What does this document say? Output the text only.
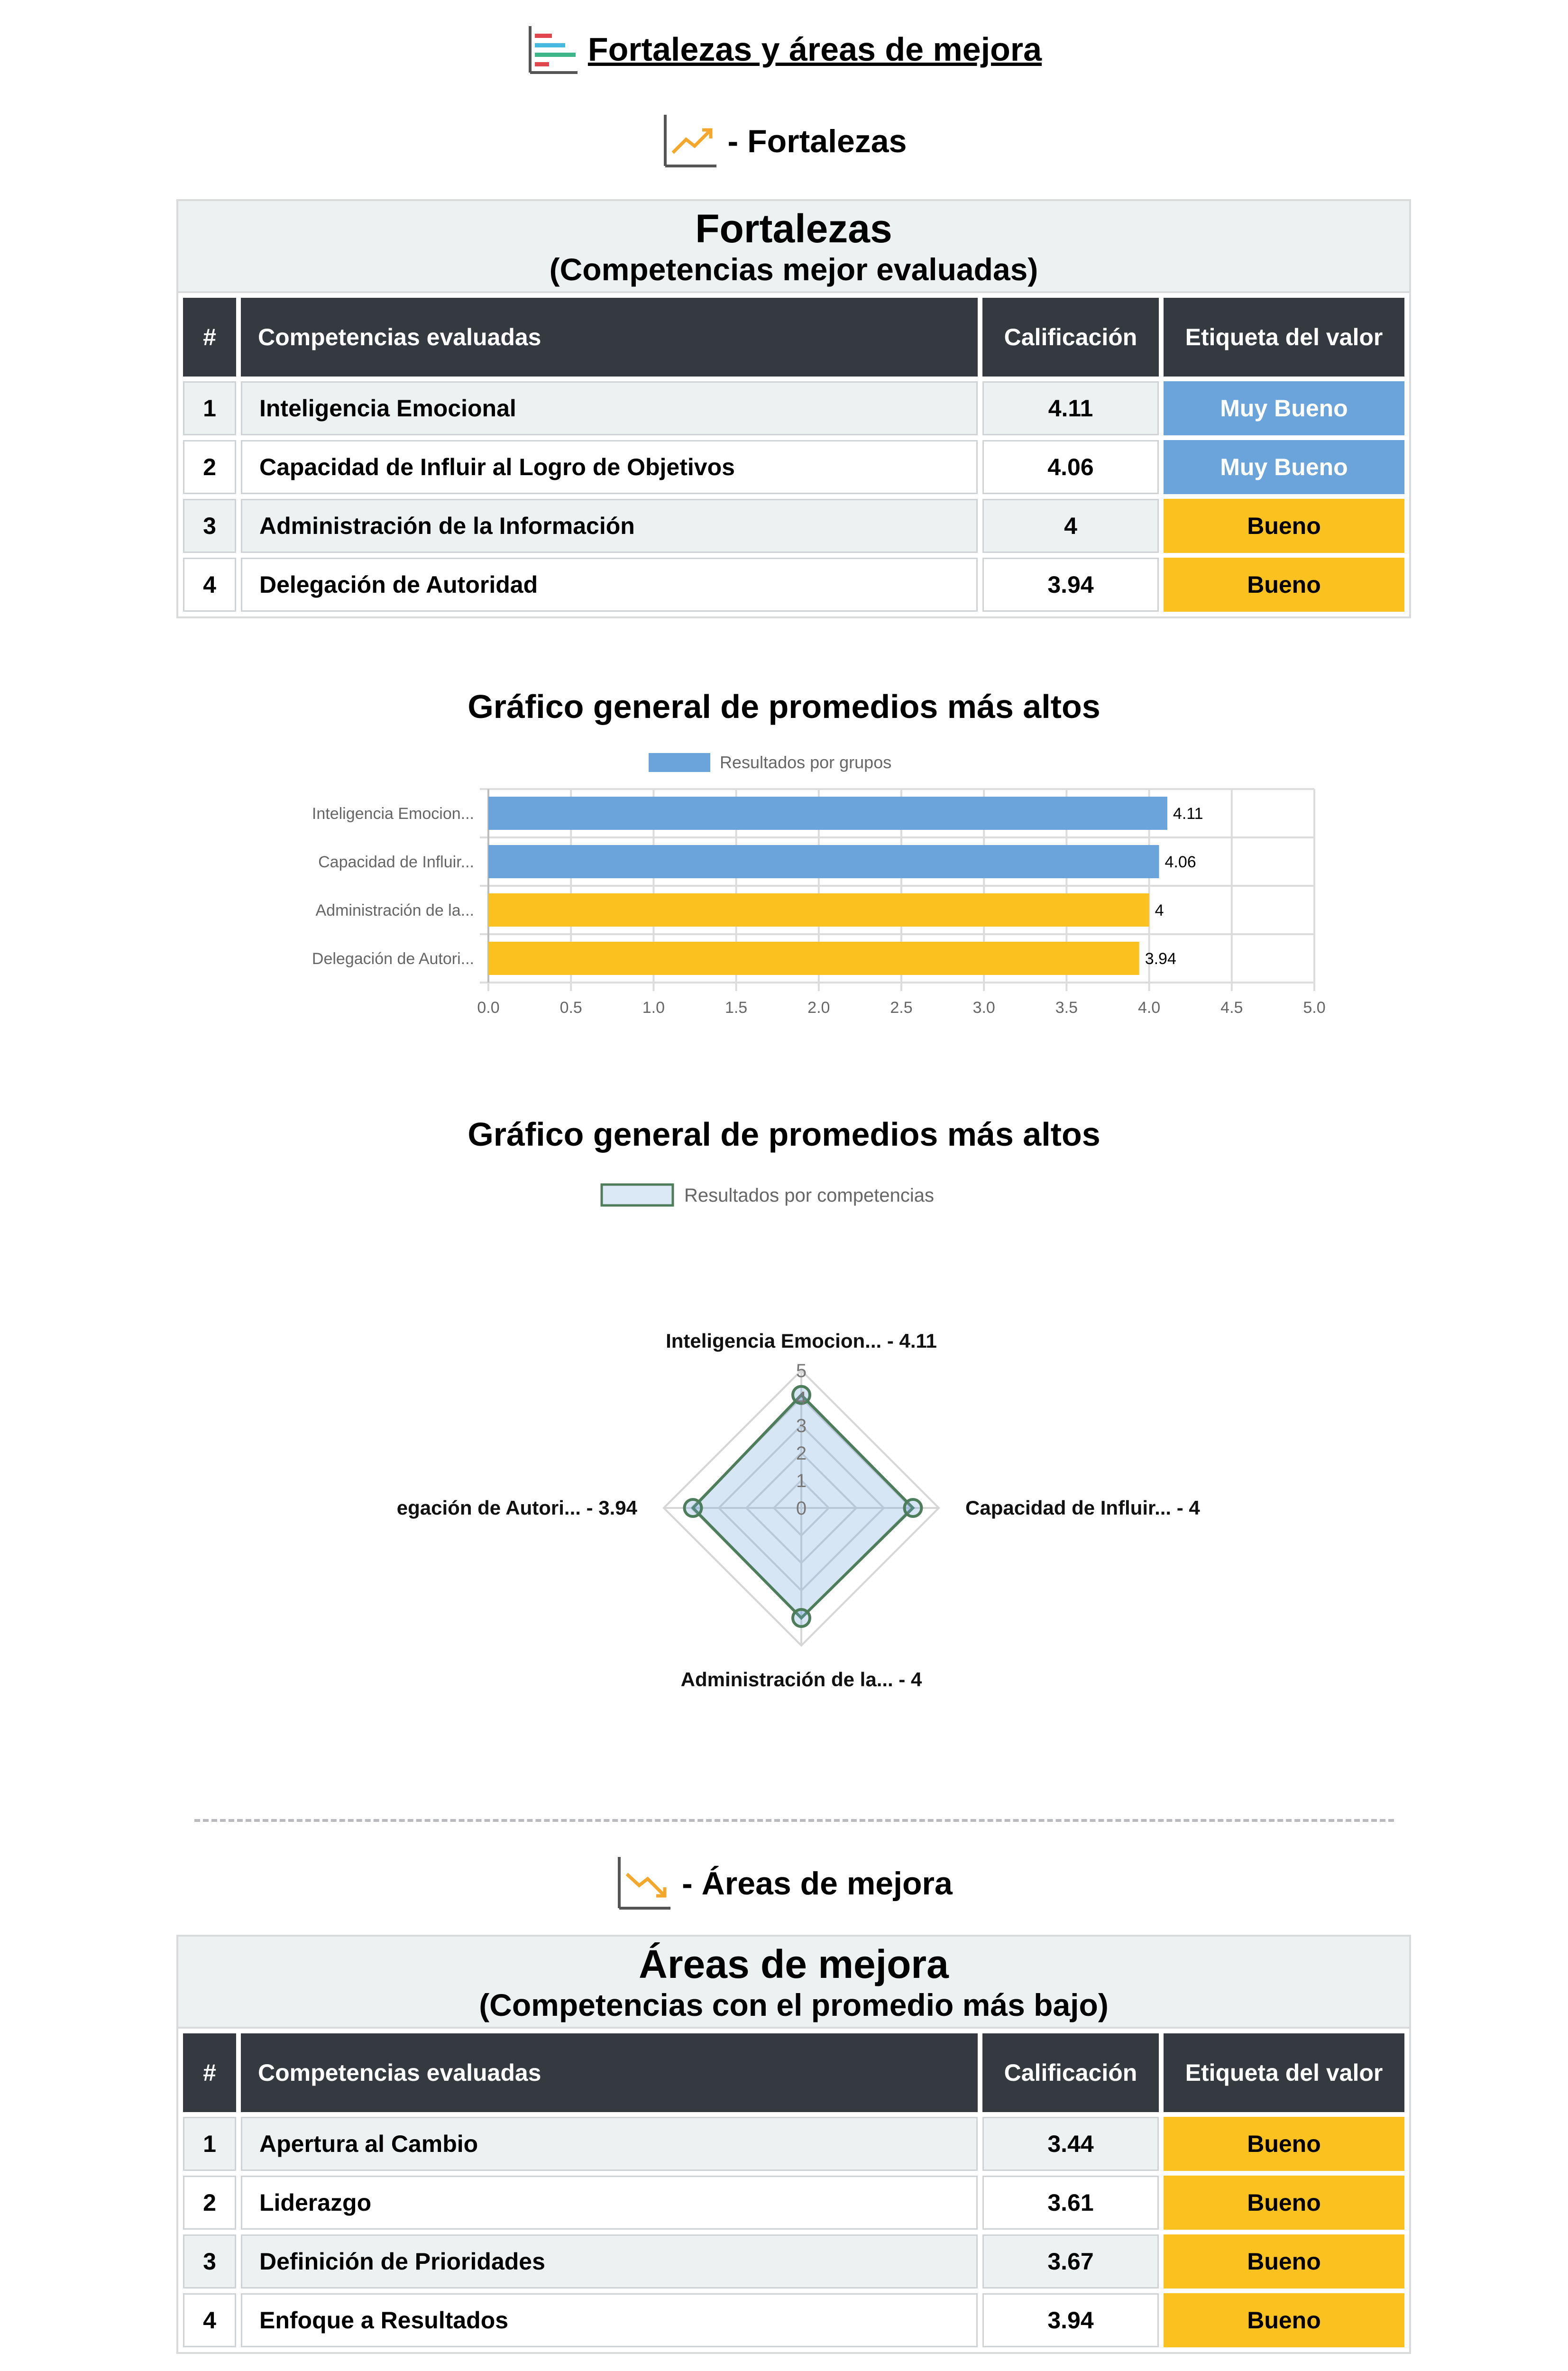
Fortalezas y áreas de mejora
- Fortalezas
Fortalezas
(Competencias mejor evaluadas)
#	Competencias evaluadas	Calificación	Etiqueta del valor
1	Inteligencia Emocional	4.11	Muy Bueno
2	Capacidad de Influir al Logro de Objetivos	4.06	Muy Bueno
3	Administración de la Información	4	Bueno
4	Delegación de Autoridad	3.94	Bueno
Gráfico general de promedios más altos
Resultados por grupos
0.0	0.5	1.0	1.5	2.0	2.5	3.0	3.5	4.0	4.5	5.0
Inteligencia Emocion...	4.11
Capacidad de Influir...	4.06
Administración de la...	4
Delegación de Autori...	3.94
Gráfico general de promedios más altos
Resultados por competencias
0
1
2
3
4
5
Inteligencia Emocion... - 4.11
Capacidad de Influir... - 4
Administración de la... - 4
egación de Autori... - 3.94
- Áreas de mejora
Áreas de mejora
(Competencias con el promedio más bajo)
#	Competencias evaluadas	Calificación	Etiqueta del valor
1	Apertura al Cambio	3.44	Bueno
2	Liderazgo	3.61	Bueno
3	Definición de Prioridades	3.67	Bueno
4	Enfoque a Resultados	3.94	Bueno
